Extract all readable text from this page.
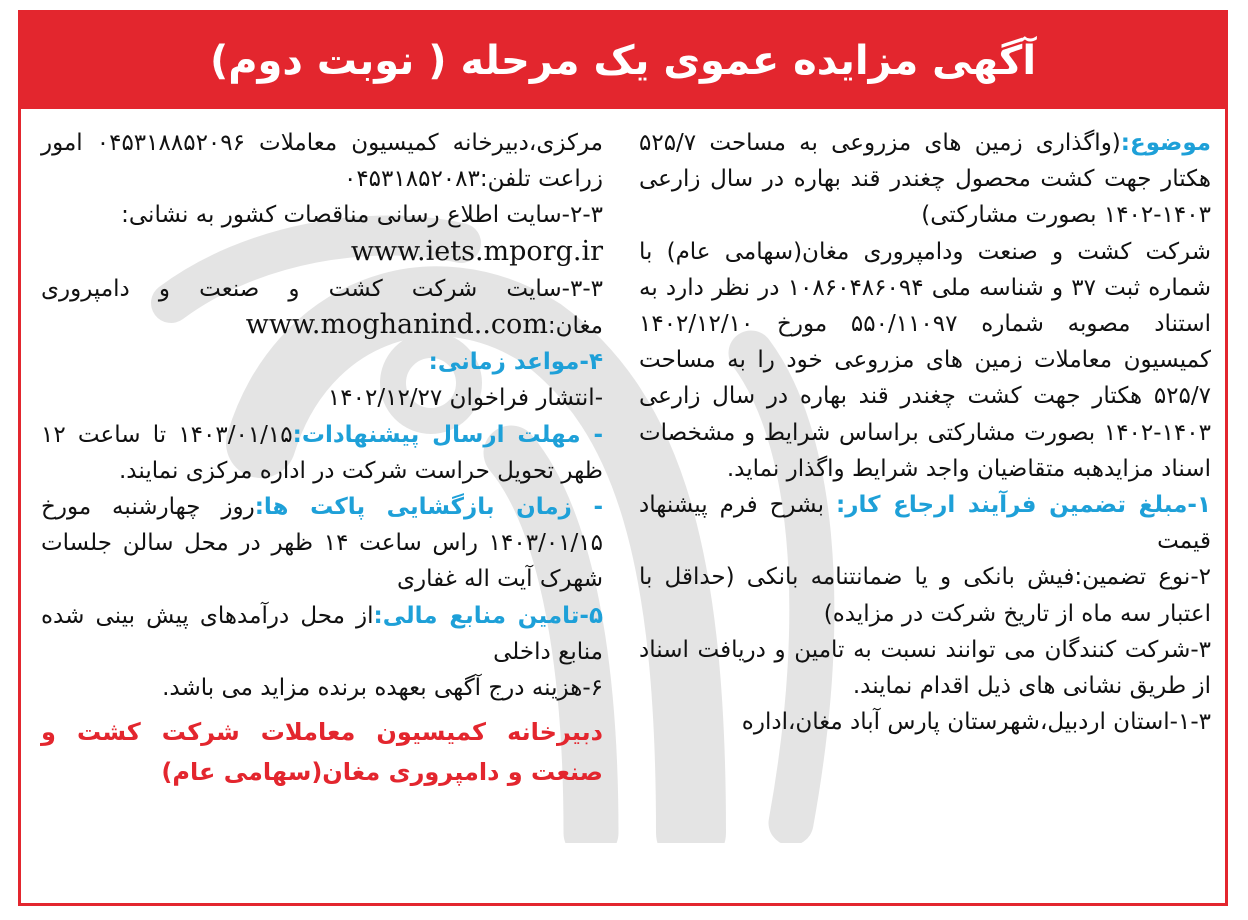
آگهی مزایده عموی یک مرحله ( نوبت دوم)

موضوع:(واگذاری زمین های مزروعی به مساحت ۵۲۵/۷ هکتار جهت کشت محصول چغندر قند بهاره در سال زارعی ۱۴۰۳-۱۴۰۲ بصورت مشارکتی)

شرکت کشت و صنعت ودامپروری مغان(سهامی عام) با شماره ثبت ۳۷ و شناسه ملی ۱۰۸۶۰۴۸۶۰۹۴ در نظر دارد به استناد مصوبه شماره ۵۵۰/۱۱۰۹۷ مورخ ۱۴۰۲/۱۲/۱۰ کمیسیون معاملات زمین های مزروعی خود را به مساحت ۵۲۵/۷ هکتار جهت کشت چغندر قند بهاره در سال زارعی ۱۴۰۳-۱۴۰۲ بصورت مشارکتی براساس شرایط و مشخصات اسناد مزایدهبه متقاضیان واجد شرایط واگذار نماید.

۱-مبلغ تضمین فرآیند ارجاع کار: بشرح فرم پیشنهاد قیمت

۲-نوع تضمین:فیش بانکی و یا ضمانتنامه بانکی (حداقل با اعتبار سه ماه از تاریخ شرکت در مزایده)

۳-شرکت کنندگان می توانند نسبت به تامین و دریافت اسناد از طریق نشانی های ذیل اقدام نمایند.

۱-۳-استان اردبیل،شهرستان پارس آباد مغان،اداره

مرکزی،دبیرخانه کمیسیون معاملات ۰۴۵۳۱۸۸۵۲۰۹۶ امور زراعت تلفن:۰۴۵۳۱۸۵۲۰۸۳

۲-۳-سایت اطلاع رسانی مناقصات کشور به نشانی:

www.iets.mporg.ir

۳-۳-سایت شرکت کشت و صنعت و دامپروری مغان:www.moghanind..com

۴-مواعد زمانی:

-انتشار فراخوان ۱۴۰۲/۱۲/۲۷

- مهلت ارسال پیشنهادات:۱۴۰۳/۰۱/۱۵ تا ساعت ۱۲ ظهر تحویل حراست شرکت در اداره مرکزی نمایند.

- زمان بازگشایی پاکت ها:روز چهارشنبه مورخ ۱۴۰۳/۰۱/۱۵ راس ساعت ۱۴ ظهر در محل سالن جلسات شهرک آیت اله غفاری

۵-تامین منابع مالی:از محل درآمدهای پیش بینی شده منابع داخلی

۶-هزینه درج آگهی بعهده برنده مزاید می باشد.

دبیرخانه کمیسیون معاملات شرکت کشت و صنعت و دامپروری مغان(سهامی عام)
